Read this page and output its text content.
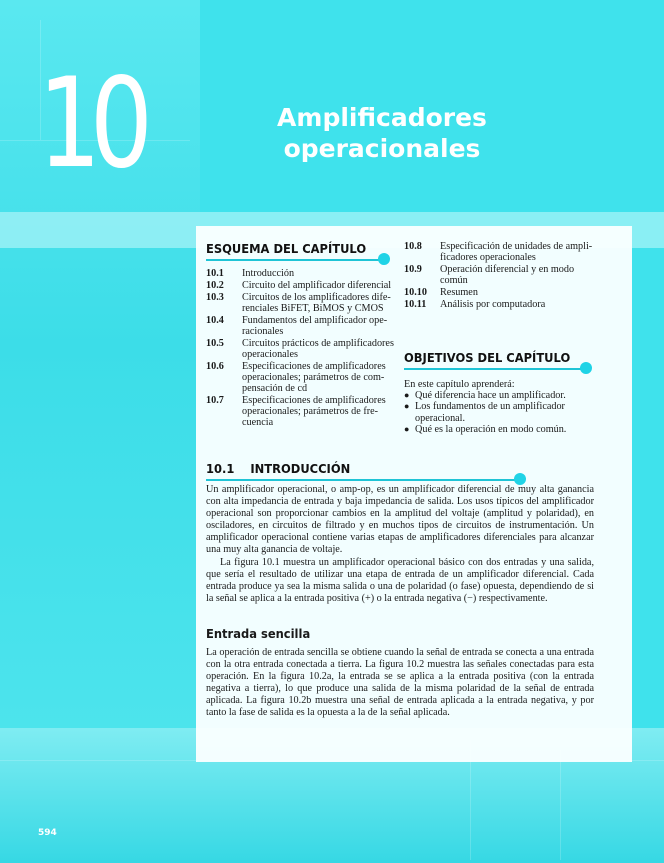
10	Amplificadores
operacionales
ESQUEMA DEL CAPÍTULO
10.1	Introducción
10.2	Circuito del amplificador diferencial
10.3	Circuitos de los amplificadores diferenciales BiFET, BiMOS y CMOS
10.4	Fundamentos del amplificador operacionales
10.5	Circuitos prácticos de amplificadores operacionales
10.6	Especificaciones de amplificadores operacionales; parámetros de compensación de cd
10.7	Especificaciones de amplificadores operacionales; parámetros de frecuencia
10.8	Especificación de unidades de amplificadores operacionales
10.9	Operación diferencial y en modo común
10.10	Resumen
10.11	Análisis por computadora
OBJETIVOS DEL CAPÍTULO
En este capítulo aprenderá:
● Qué diferencia hace un amplificador.
● Los fundamentos de un amplificador operacional.
● Qué es la operación en modo común.
10.1 INTRODUCCIÓN

Un amplificador operacional, o amp-op, es un amplificador diferencial de muy alta ganancia con alta impedancia de entrada y baja impedancia de salida. Los usos típicos del amplificador operacional son proporcionar cambios en la amplitud del voltaje (amplitud y polaridad), en osciladores, en circuitos de filtrado y en muchos tipos de circuitos de instrumentación. Un amplificador operacional contiene varias etapas de amplificadores diferenciales para alcanzar una muy alta ganancia de voltaje.

La figura 10.1 muestra un amplificador operacional básico con dos entradas y una salida, que sería el resultado de utilizar una etapa de entrada de un amplificador diferencial. Cada entrada produce ya sea la misma salida o una de polaridad (o fase) opuesta, dependiendo de si la señal se aplica a la entrada positiva (+) o la entrada negativa (−) respectivamente.

Entrada sencilla

La operación de entrada sencilla se obtiene cuando la señal de entrada se conecta a una entrada con la otra entrada conectada a tierra. La figura 10.2 muestra las señales conectadas para esta operación. En la figura 10.2a, la entrada se se aplica a la entrada positiva (con la entrada negativa a tierra), lo que produce una salida de la misma polaridad de la señal de entrada aplicada. La figura 10.2b muestra una señal de entrada aplicada a la entrada negativa, y por tanto la fase de salida es la opuesta a la de la señal aplicada.

594
